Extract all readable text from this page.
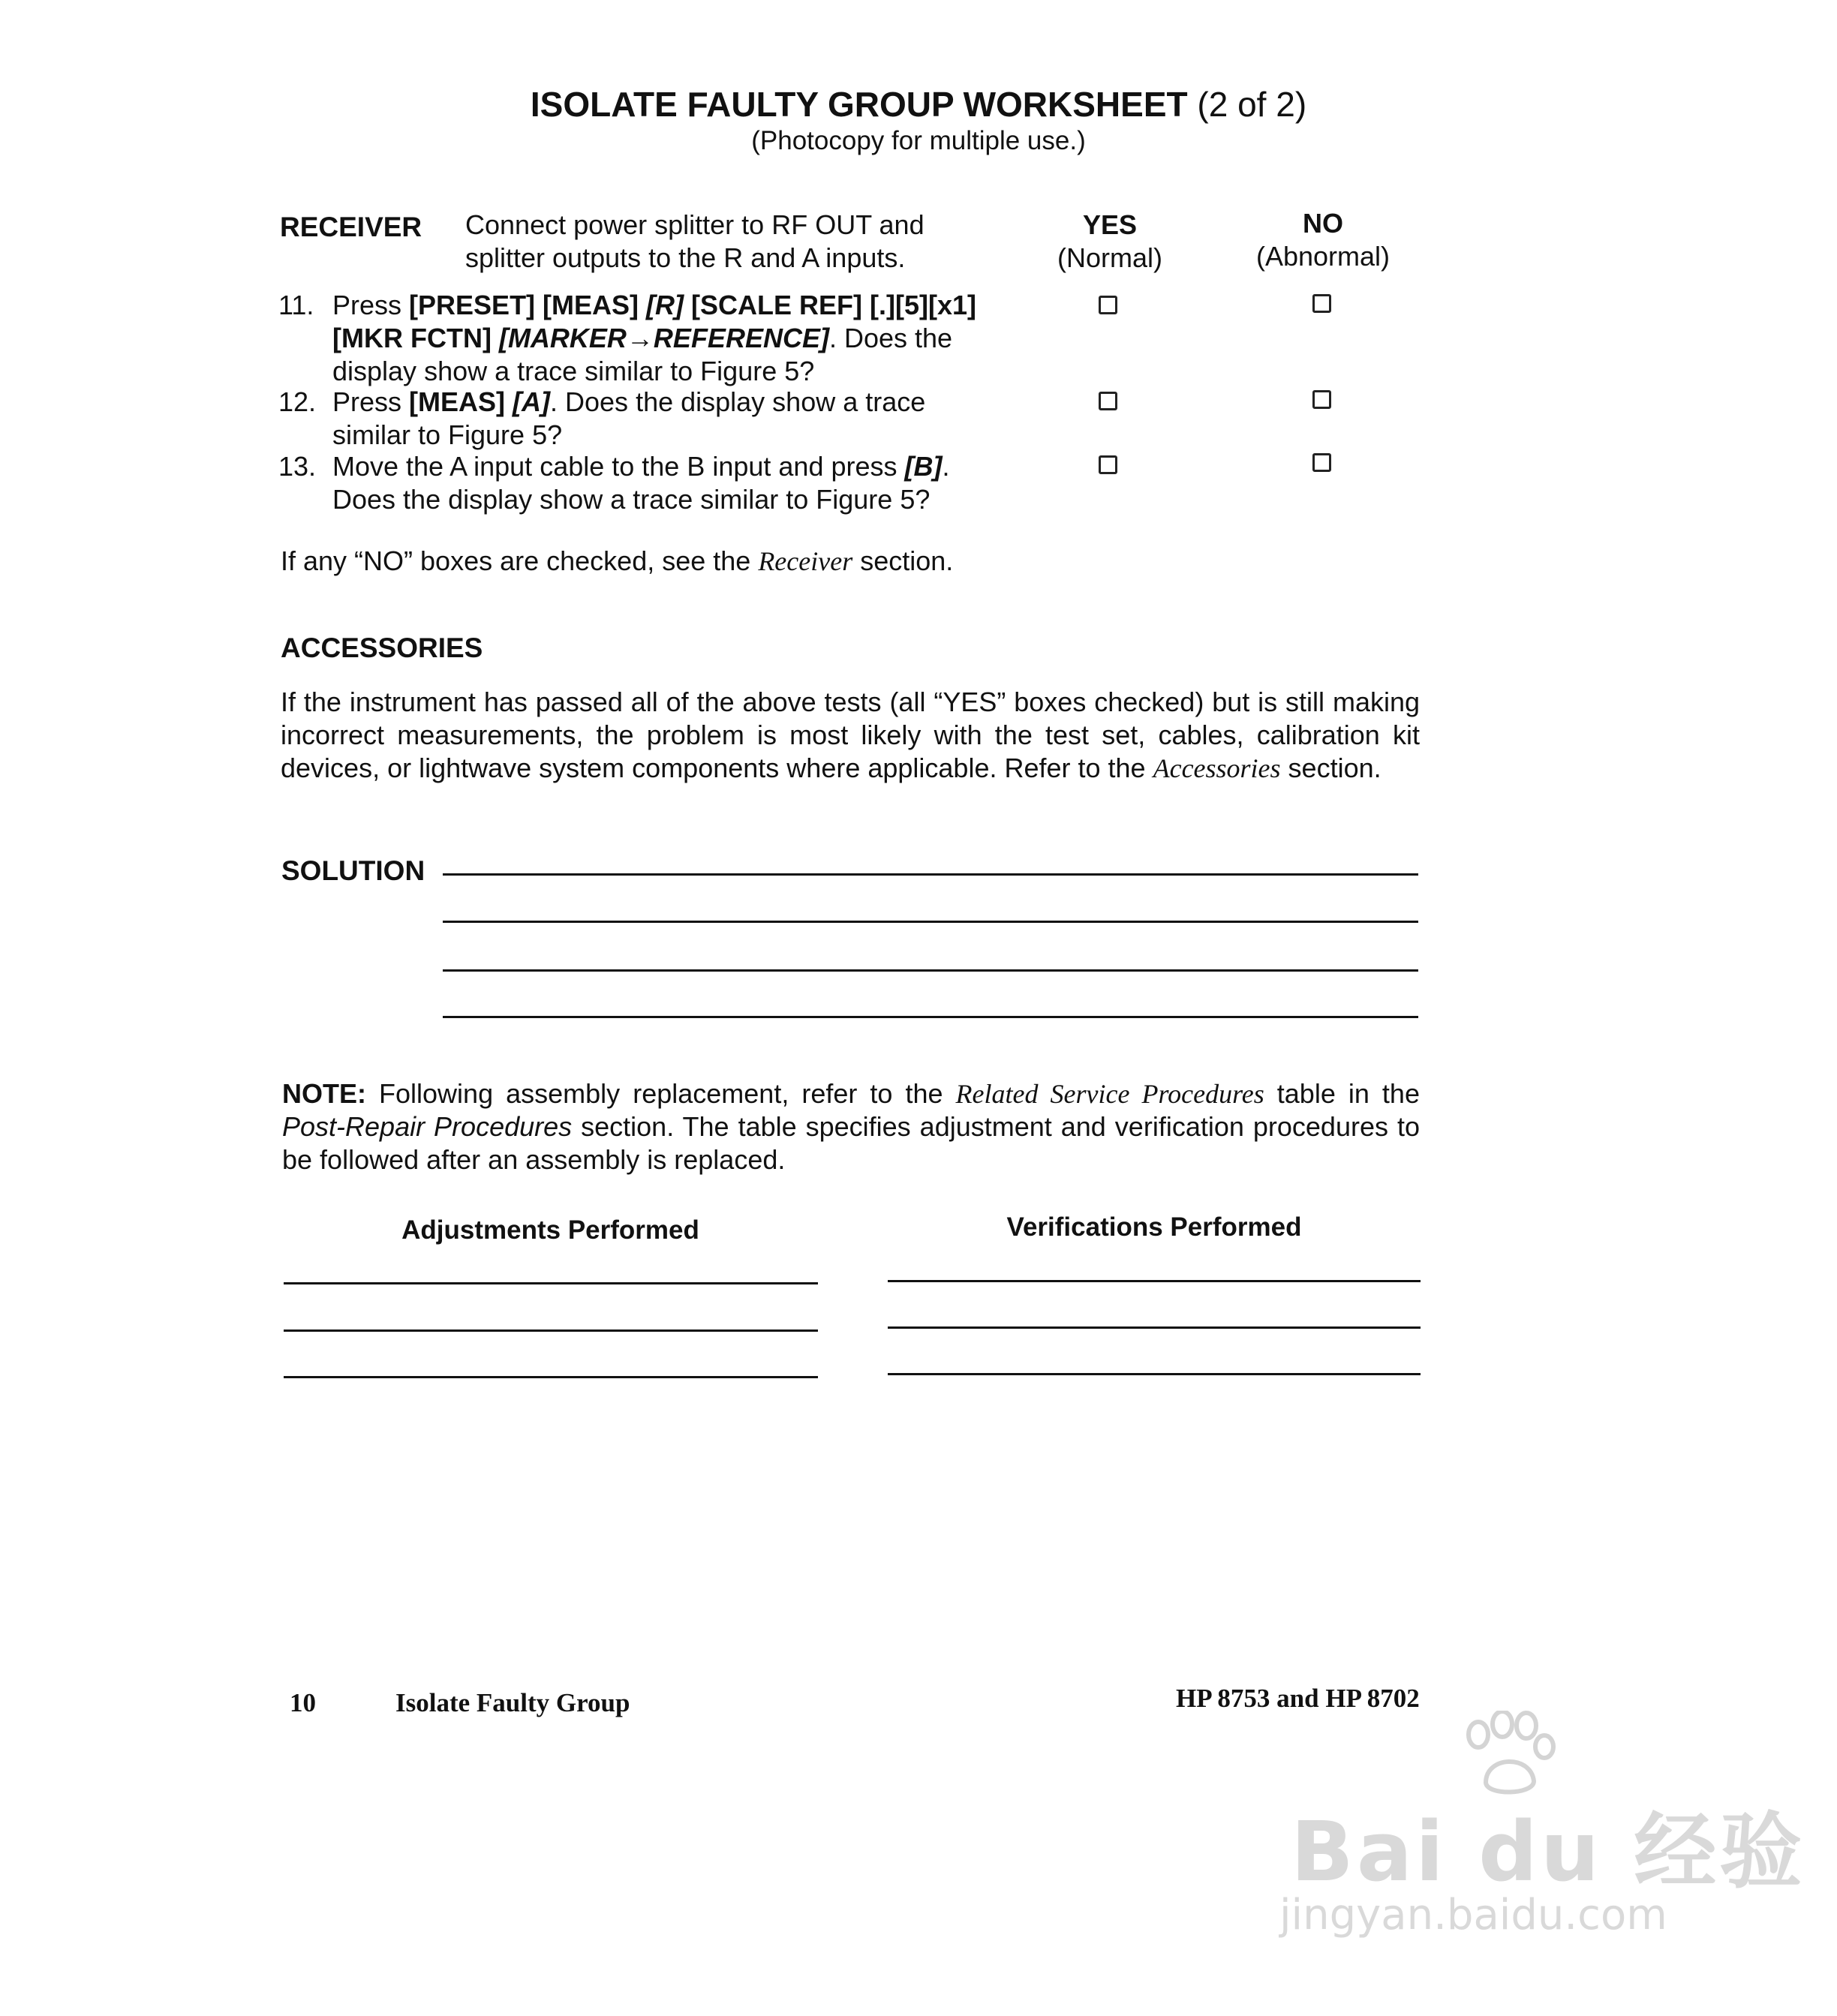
ISOLATE FAULTY GROUP WORKSHEET (2 of 2)
(Photocopy for multiple use.)
RECEIVER Connect power splitter to RF OUT and
splitter outputs to the R and A inputs.
YES
(Normal)
NO
(Abnormal)
11. Press [PRESET] [MEAS] [R] [SCALE REF] [.][5][x1]
[MKR FCTN] [MARKER→REFERENCE]. Does the
display show a trace similar to Figure 5?
12. Press [MEAS] [A]. Does the display show a trace
similar to Figure 5?
13. Move the A input cable to the B input and press [B].
Does the display show a trace similar to Figure 5?
If any “NO” boxes are checked, see the Receiver section.
ACCESSORIES
If the instrument has passed all of the above tests (all “YES” boxes checked) but is still making incorrect measurements, the problem is most likely with the test set, cables, calibration kit devices, or lightwave system components where applicable. Refer to the Accessories section.
SOLUTION
NOTE: Following assembly replacement, refer to the Related Service Procedures table in the Post-Repair Procedures section. The table specifies adjustment and verification procedures to be followed after an assembly is replaced.
Adjustments Performed	Verifications Performed
10	Isolate Faulty Group	HP 8753 and HP 8702
Bai du 经验
jingyan.baidu.com
